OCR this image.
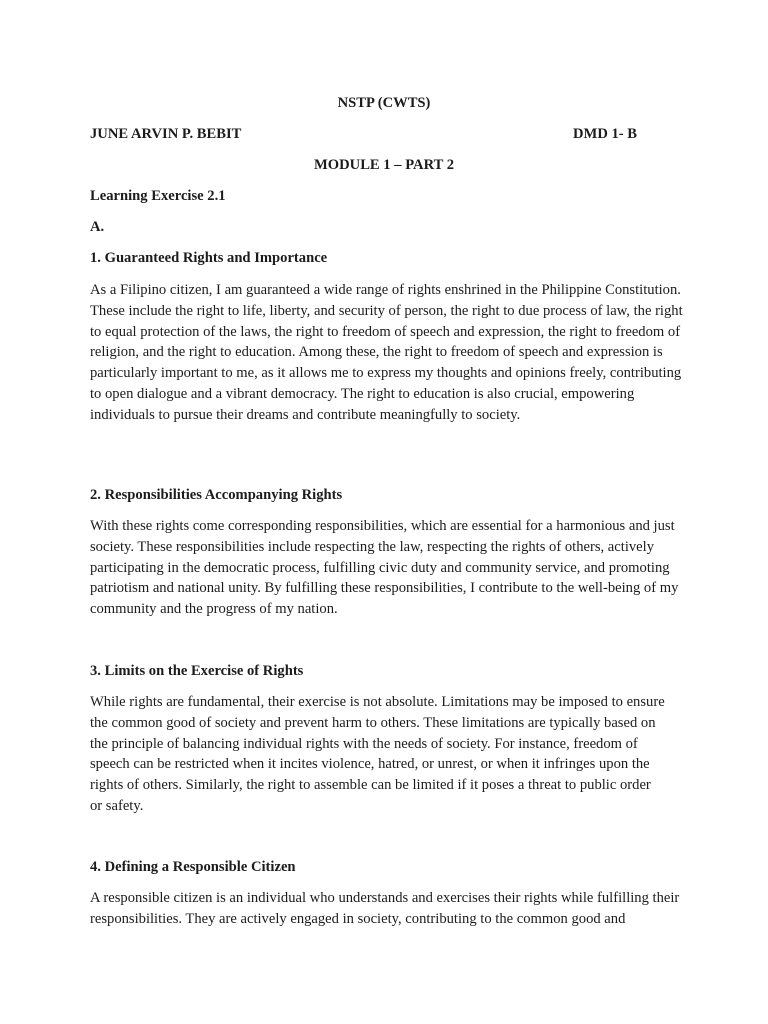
NSTP (CWTS)

JUNE ARVIN P. BEBIT	DMD 1- B

MODULE 1 – PART 2

Learning Exercise 2.1

A.

1. Guaranteed Rights and Importance

As a Filipino citizen, I am guaranteed a wide range of rights enshrined in the Philippine Constitution. These include the right to life, liberty, and security of person, the right to due process of law, the right to equal protection of the laws, the right to freedom of speech and expression, the right to freedom of religion, and the right to education. Among these, the right to freedom of speech and expression is particularly important to me, as it allows me to express my thoughts and opinions freely, contributing to open dialogue and a vibrant democracy. The right to education is also crucial, empowering individuals to pursue their dreams and contribute meaningfully to society.

2. Responsibilities Accompanying Rights

With these rights come corresponding responsibilities, which are essential for a harmonious and just society. These responsibilities include respecting the law, respecting the rights of others, actively participating in the democratic process, fulfilling civic duty and community service, and promoting patriotism and national unity. By fulfilling these responsibilities, I contribute to the well-being of my community and the progress of my nation.

3. Limits on the Exercise of Rights

While rights are fundamental, their exercise is not absolute. Limitations may be imposed to ensure the common good of society and prevent harm to others. These limitations are typically based on the principle of balancing individual rights with the needs of society. For instance, freedom of speech can be restricted when it incites violence, hatred, or unrest, or when it infringes upon the rights of others. Similarly, the right to assemble can be limited if it poses a threat to public order or safety.

4. Defining a Responsible Citizen

A responsible citizen is an individual who understands and exercises their rights while fulfilling their responsibilities. They are actively engaged in society, contributing to the common good and
